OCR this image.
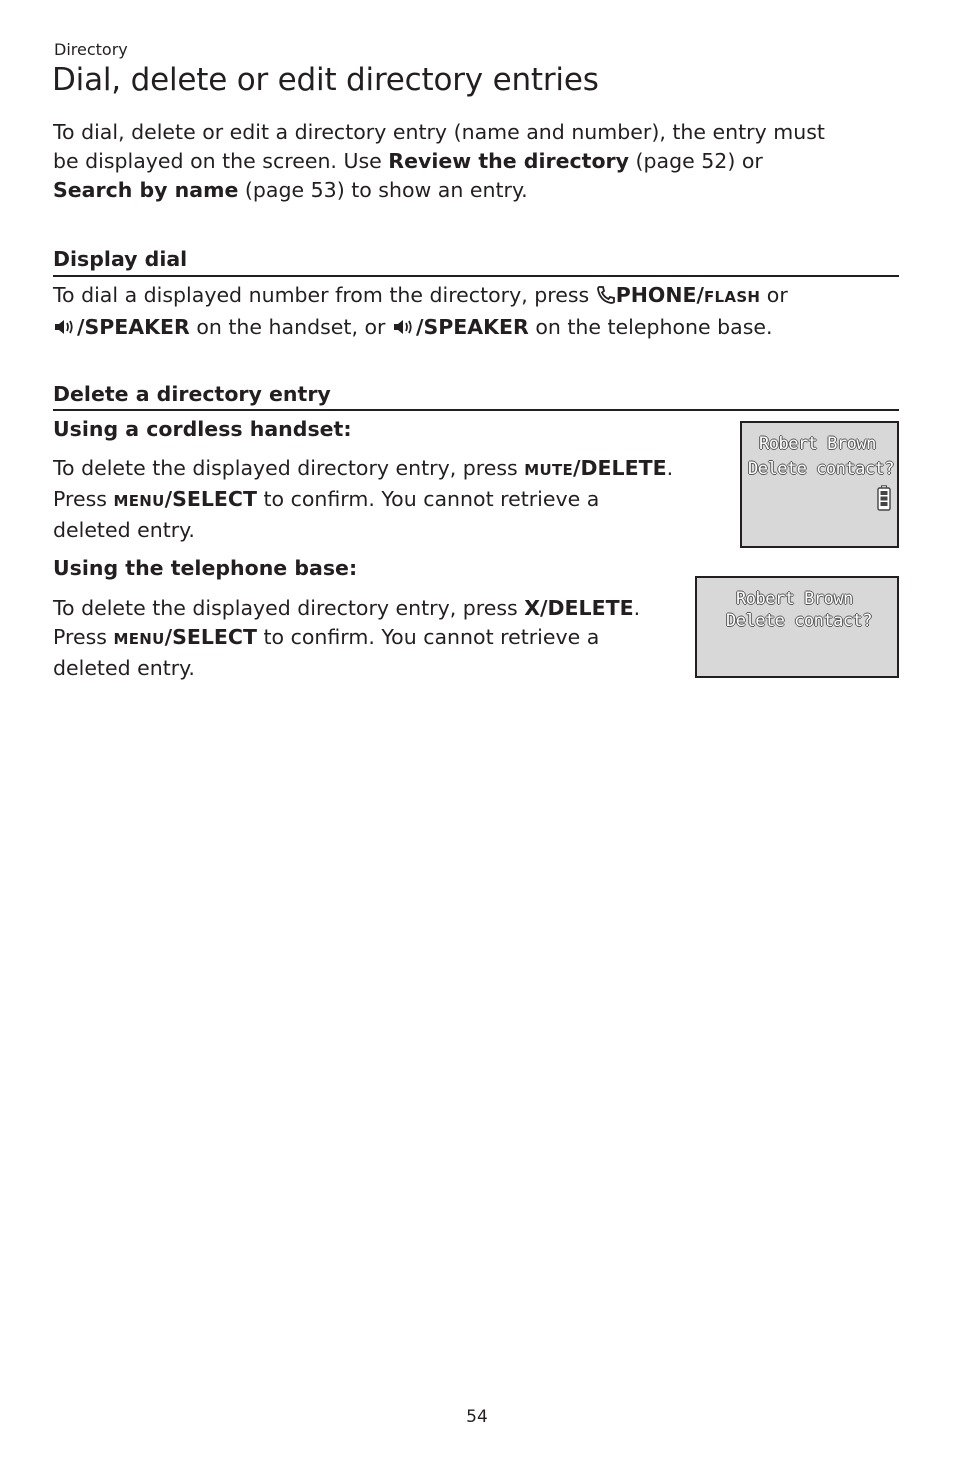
Directory
Dial, delete or edit directory entries
To dial, delete or edit a directory entry (name and number), the entry must
be displayed on the screen. Use Review the directory (page 52) or
Search by name (page 53) to show an entry.
Display dial
To dial a displayed number from the directory, press PHONE/FLASH or
/SPEAKER on the handset, or /SPEAKER on the telephone base.
Delete a directory entry
Using a cordless handset:
To delete the displayed directory entry, press MUTE/DELETE.
Press MENU/SELECT to confirm. You cannot retrieve a
deleted entry.
Using the telephone base:
To delete the displayed directory entry, press X/DELETE.
Press MENU/SELECT to confirm. You cannot retrieve a
deleted entry.
Robert Brown
Delete contact?
Robert Brown
Delete contact?
54
